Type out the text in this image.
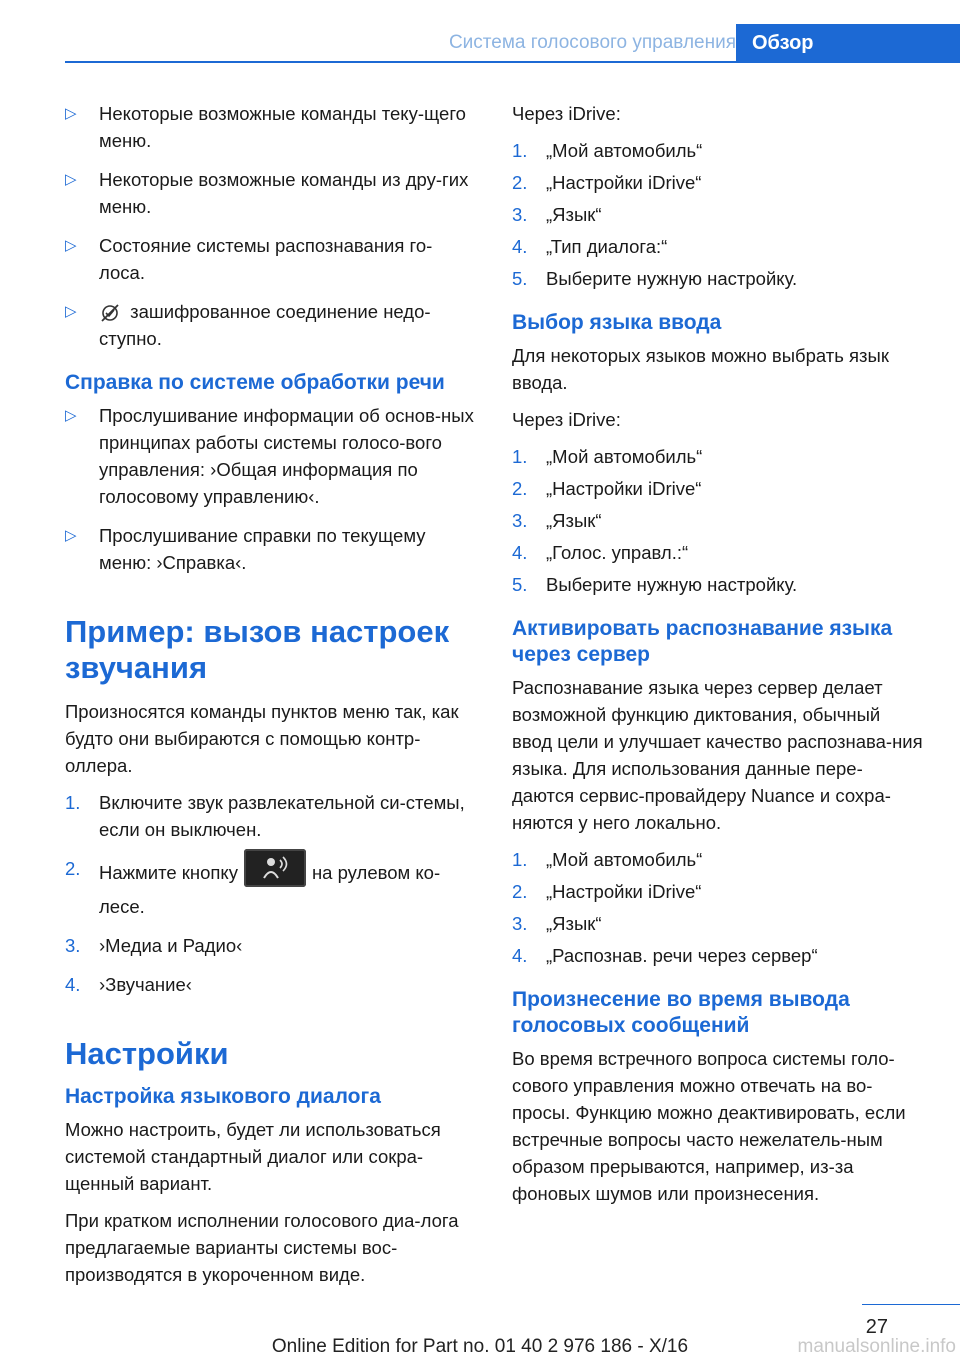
Система голосового управления Обзор
▷ Некоторые возможные команды теку-щего меню.
▷ Некоторые возможные команды из дру-гих меню.
▷ Состояние системы распознавания го-лоса.
▷	зашифрованное соединение недо-ступно.
Справка по системе обработки речи
▷ Прослушивание информации об основ-ных принципах работы системы голосо-вого управления: ›Общая информация по голосовому управлению‹.
▷ Прослушивание справки по текущему меню: ›Справка‹.
Пример: вызов настроек звучания

Произносятся команды пунктов меню так, как будто они выбираются с помощью контр-оллера.

1. Включите звук развлекательной си-стемы, если он выключен.
2. Нажмите кнопку	на рулевом ко-лесе.
3. ›Медиа и Радио‹
4. ›Звучание‹
Настройки
Настройка языкового диалога

Можно настроить, будет ли использоваться системой стандартный диалог или сокра-щенный вариант.

При кратком исполнении голосового диа-лога предлагаемые варианты системы вос-производятся в укороченном виде.

Через iDrive:

1. „Мой автомобиль“
2. „Настройки iDrive“
3. „Язык“
4. „Тип диалога:“
5. Выберите нужную настройку.
Выбор языка ввода

Для некоторых языков можно выбрать язык ввода.

Через iDrive:

1. „Мой автомобиль“
2. „Настройки iDrive“
3. „Язык“
4. „Голос. управл.:“
5. Выберите нужную настройку.
Активировать распознавание языка через сервер

Распознавание языка через сервер делает возможной функцию диктования, обычный ввод цели и улучшает качество распознава-ния языка. Для использования данные пере-даются сервис-провайдеру Nuance и сохра-няются у него локально.

1. „Мой автомобиль“
2. „Настройки iDrive“
3. „Язык“
4. „Распознав. речи через сервер“
Произнесение во время вывода голосовых сообщений

Во время встречного вопроса системы голо-сового управления можно отвечать на во-просы. Функцию можно деактивировать, если встречные вопросы часто нежелатель-ным образом прерываются, например, из-за фоновых шумов или произнесения.

27
Online Edition for Part no. 01 40 2 976 186 - X/16	manualsonline.info
